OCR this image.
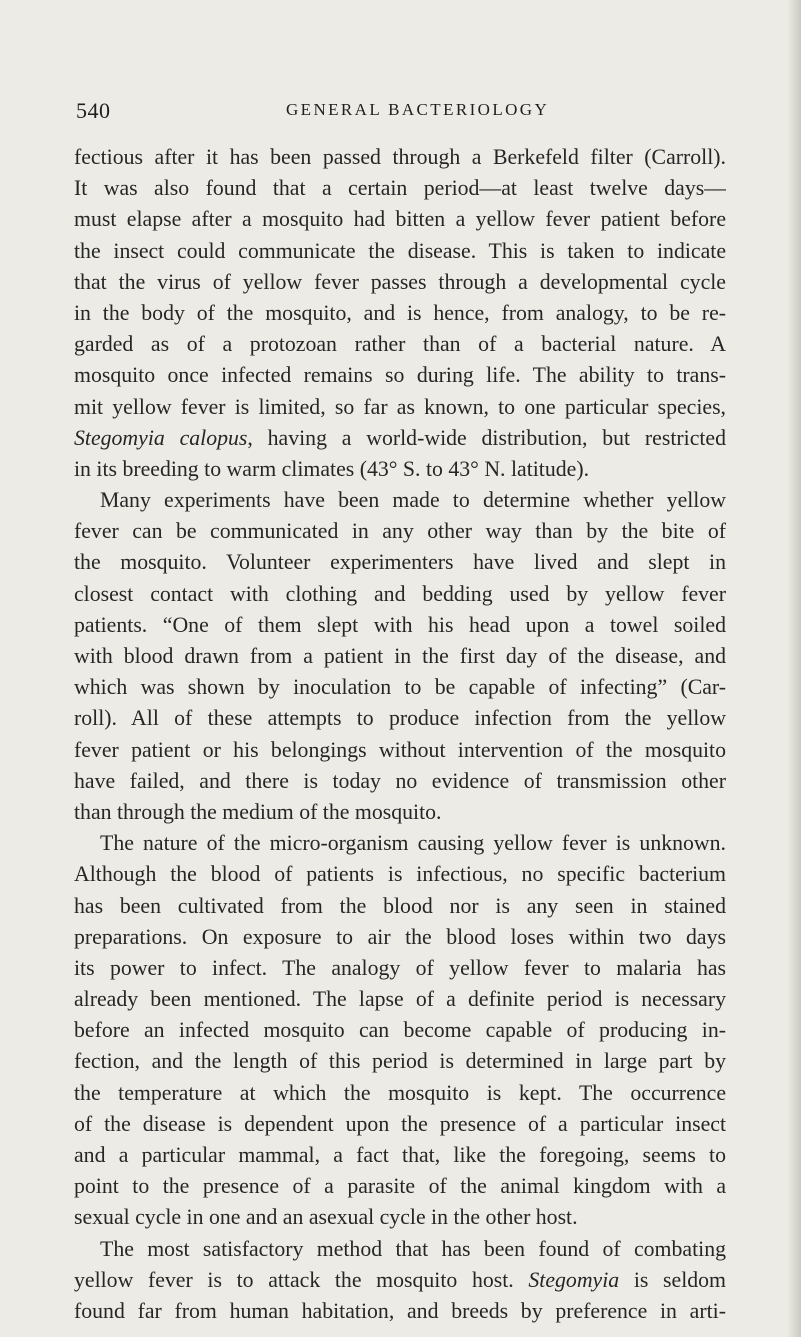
540	GENERAL BACTERIOLOGY
fectious after it has been passed through a Berkefeld filter (Carroll).
It was also found that a certain period—at least twelve days—
must elapse after a mosquito had bitten a yellow fever patient before
the insect could communicate the disease. This is taken to indicate
that the virus of yellow fever passes through a developmental cycle
in the body of the mosquito, and is hence, from analogy, to be re-
garded as of a protozoan rather than of a bacterial nature. A
mosquito once infected remains so during life. The ability to trans-
mit yellow fever is limited, so far as known, to one particular species,
Stegomyia calopus, having a world-wide distribution, but restricted
in its breeding to warm climates (43° S. to 43° N. latitude).
Many experiments have been made to determine whether yellow
fever can be communicated in any other way than by the bite of
the mosquito. Volunteer experimenters have lived and slept in
closest contact with clothing and bedding used by yellow fever
patients. “One of them slept with his head upon a towel soiled
with blood drawn from a patient in the first day of the disease, and
which was shown by inoculation to be capable of infecting” (Car-
roll). All of these attempts to produce infection from the yellow
fever patient or his belongings without intervention of the mosquito
have failed, and there is today no evidence of transmission other
than through the medium of the mosquito.
The nature of the micro-organism causing yellow fever is unknown.
Although the blood of patients is infectious, no specific bacterium
has been cultivated from the blood nor is any seen in stained
preparations. On exposure to air the blood loses within two days
its power to infect. The analogy of yellow fever to malaria has
already been mentioned. The lapse of a definite period is necessary
before an infected mosquito can become capable of producing in-
fection, and the length of this period is determined in large part by
the temperature at which the mosquito is kept. The occurrence
of the disease is dependent upon the presence of a particular insect
and a particular mammal, a fact that, like the foregoing, seems to
point to the presence of a parasite of the animal kingdom with a
sexual cycle in one and an asexual cycle in the other host.
The most satisfactory method that has been found of combating
yellow fever is to attack the mosquito host. Stegomyia is seldom
found far from human habitation, and breeds by preference in arti-
